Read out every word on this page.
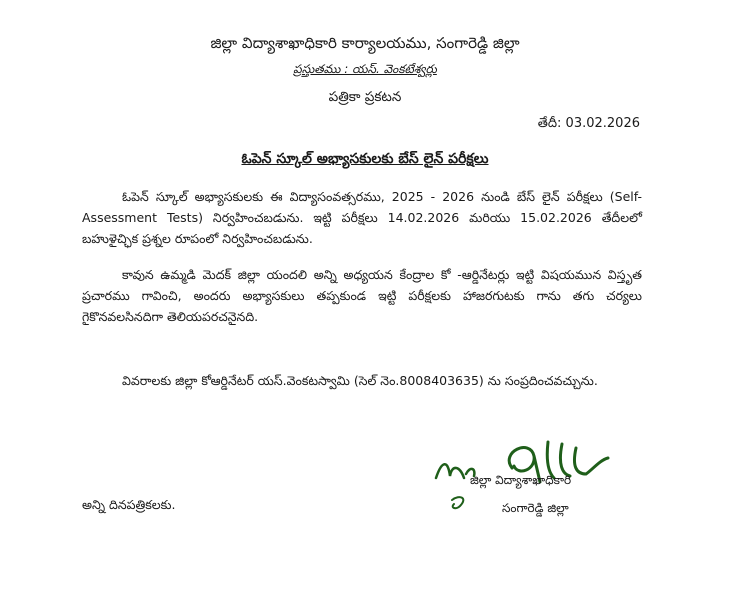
జిల్లా విద్యాశాఖాధికారి కార్యాలయము, సంగారెడ్డి జిల్లా
ప్రస్తుతము : యస్. వెంకటేశ్వర్లు
పత్రికా ప్రకటన
తేదీ: 03.02.2026
ఓపెన్ స్కూల్ అభ్యాసకులకు బేస్ లైన్ పరీక్షలు
ఓపెన్ స్కూల్ అభ్యాసకులకు ఈ విద్యాసంవత్సరము, 2025 - 2026 నుండి బేస్ లైన్ పరీక్షలు (Self- Assessment Tests) నిర్వహించబడును. ఇట్టి పరీక్షలు 14.02.2026 మరియు 15.02.2026 తేదీలలో బహుళైచ్ఛిక ప్రశ్నల రూపంలో నిర్వహించబడును.
కావున ఉమ్మడి మెదక్ జిల్లా యందలి అన్ని అధ్యయన కేంద్రాల కో -ఆర్డినేటర్లు ఇట్టి విషయమున విస్తృత ప్రచారము గావించి, అందరు అభ్యాసకులు తప్పకుండ ఇట్టి పరీక్షలకు హాజరగుటకు గాను తగు చర్యలు గైకొనవలసినదిగా తెలియపరచనైనది.
వివరాలకు జిల్లా కోఆర్డినేటర్ యస్.వెంకటస్వామి (సెల్ నెం.8008403635) ను సంప్రదించవచ్చును.
జిల్లా విద్యాశాఖాధికారి
సంగారెడ్డి జిల్లా
అన్ని దినపత్రికలకు.
